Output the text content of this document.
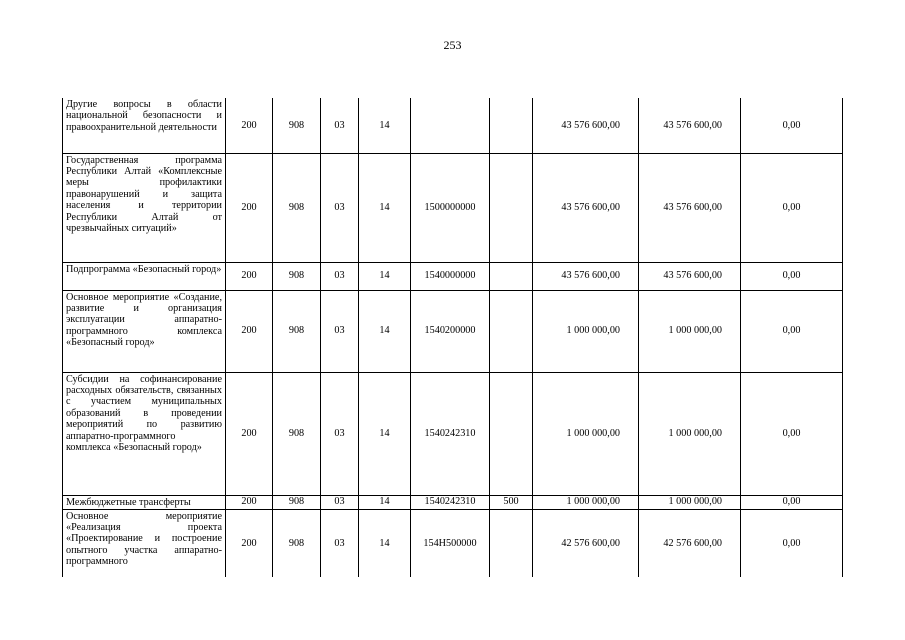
253
Другие вопросы в области национальной безопасности и правоохранительной деятельности	200	908	03	14			43 576 600,00	43 576 600,00	0,00
Государственная программа Республики Алтай «Комплексные меры профилактики правонарушений и защита населения и территории Республики Алтай от чрезвычайных ситуаций»	200	908	03	14	1500000000		43 576 600,00	43 576 600,00	0,00
Подпрограмма «Безопасный город»	200	908	03	14	1540000000		43 576 600,00	43 576 600,00	0,00
Основное мероприятие «Создание, развитие и организация эксплуатации аппаратно-программного комплекса «Безопасный город»	200	908	03	14	1540200000		1 000 000,00	1 000 000,00	0,00
Субсидии на софинансирование расходных обязательств, связанных с участием муниципальных образований в проведении мероприятий по развитию аппаратно-программного комплекса «Безопасный город»	200	908	03	14	1540242310		1 000 000,00	1 000 000,00	0,00
Межбюджетные трансферты	200	908	03	14	1540242310	500	1 000 000,00	1 000 000,00	0,00
Основное мероприятие «Реализация проекта «Проектирование и построение опытного участка аппаратно-программного	200	908	03	14	154H500000		42 576 600,00	42 576 600,00	0,00
